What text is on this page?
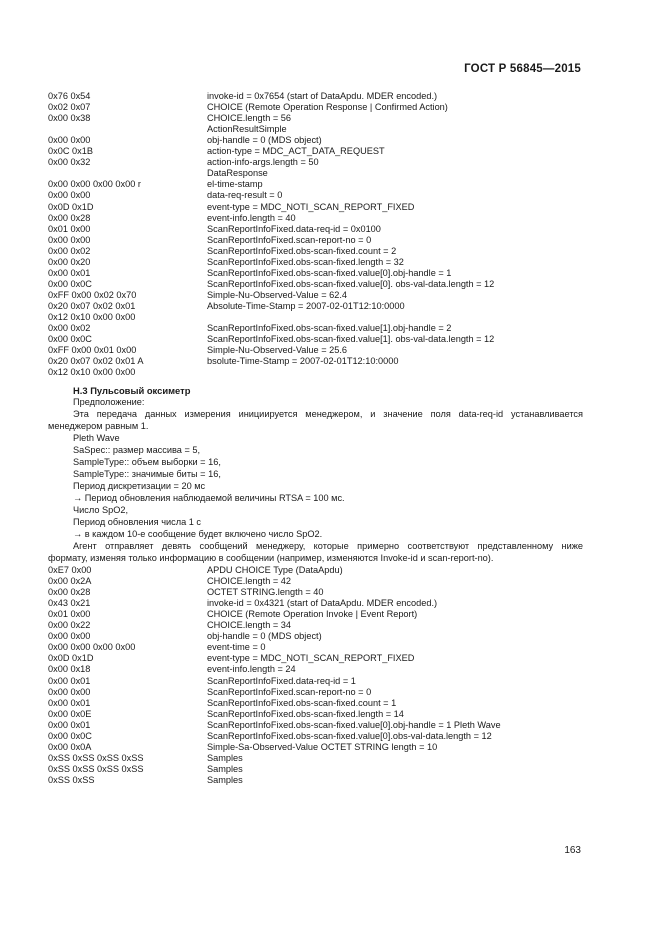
ГОСТ Р 56845—2015
0x76 0x54	invoke-id = 0x7654 (start of DataApdu. MDER encoded.)
0x02 0x07	CHOICE (Remote Operation Response | Confirmed Action)
0x00 0x38	CHOICE.length = 56
ActionResultSimple
0x00 0x00	obj-handle = 0 (MDS object)
0x0C 0x1B	action-type = MDC_ACT_DATA_REQUEST
0x00 0x32	action-info-args.length = 50
DataResponse
0x00 0x00 0x00 0x00 r	el-time-stamp
0x00 0x00	data-req-result = 0
0x0D 0x1D	event-type = MDC_NOTI_SCAN_REPORT_FIXED
0x00 0x28	event-info.length = 40
0x01 0x00	ScanReportInfoFixed.data-req-id = 0x0100
0x00 0x00	ScanReportInfoFixed.scan-report-no = 0
0x00 0x02	ScanReportInfoFixed.obs-scan-fixed.count = 2
0x00 0x20	ScanReportInfoFixed.obs-scan-fixed.length = 32
0x00 0x01	ScanReportInfoFixed.obs-scan-fixed.value[0].obj-handle = 1
0x00 0x0C	ScanReportInfoFixed.obs-scan-fixed.value[0]. obs-val-data.length = 12
0xFF 0x00 0x02 0x70	Simple-Nu-Observed-Value = 62.4
0x20 0x07 0x02 0x01	Absolute-Time-Stamp = 2007-02-01T12:10:0000
0x12 0x10 0x00 0x00
0x00 0x02	ScanReportInfoFixed.obs-scan-fixed.value[1].obj-handle = 2
0x00 0x0C	ScanReportInfoFixed.obs-scan-fixed.value[1]. obs-val-data.length = 12
0xFF 0x00 0x01 0x00	Simple-Nu-Observed-Value = 25.6
0x20 0x07 0x02 0x01 A	bsolute-Time-Stamp = 2007-02-01T12:10:0000
0x12 0x10 0x00 0x00
Н.3 Пульсовый оксиметр
Предположение:
Эта передача данных измерения инициируется менеджером, и значение поля data-req-id устанавливается
менеджером равным 1.
Pleth Wave
SaSpec:: размер массива = 5,
SampleType:: объем выборки = 16,
SampleType:: значимые биты = 16,
Период дискретизации = 20 мс
→ Период обновления наблюдаемой величины RTSA = 100 мс.
Число SpO2,
Период обновления числа 1 с
→ в каждом 10-е сообщение будет включено число SpO2.
Агент отправляет девять сообщений менеджеру, которые примерно соответствуют представленному ниже
формату, изменяя только информацию в сообщении (например, изменяются Invoke-id и scan-report-no).
0xE7 0x00	APDU CHOICE Type (DataApdu)
0x00 0x2A	CHOICE.length = 42
0x00 0x28	OCTET STRING.length = 40
0x43 0x21	invoke-id = 0x4321 (start of DataApdu. MDER encoded.)
0x01 0x00	CHOICE (Remote Operation Invoke | Event Report)
0x00 0x22	CHOICE.length = 34
0x00 0x00	obj-handle = 0 (MDS object)
0x00 0x00 0x00 0x00	event-time = 0
0x0D 0x1D	event-type = MDC_NOTI_SCAN_REPORT_FIXED
0x00 0x18	event-info.length = 24
0x00 0x01	ScanReportInfoFixed.data-req-id = 1
0x00 0x00	ScanReportInfoFixed.scan-report-no = 0
0x00 0x01	ScanReportInfoFixed.obs-scan-fixed.count = 1
0x00 0x0E	ScanReportInfoFixed.obs-scan-fixed.length = 14
0x00 0x01	ScanReportInfoFixed.obs-scan-fixed.value[0].obj-handle = 1 Pleth Wave
0x00 0x0C	ScanReportInfoFixed.obs-scan-fixed.value[0].obs-val-data.length = 12
0x00 0x0A	Simple-Sa-Observed-Value OCTET STRING length = 10
0xSS 0xSS 0xSS 0xSS	Samples
0xSS 0xSS 0xSS 0xSS	Samples
0xSS 0xSS	Samples
163
